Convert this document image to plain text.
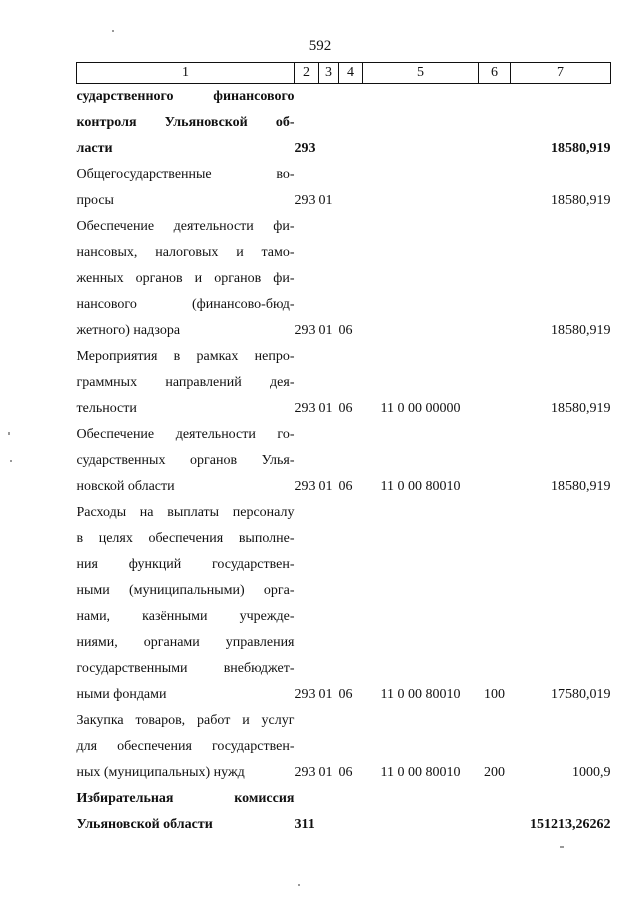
592
1	2	3	4	5	6	7
сударственного финансового						
контроля Ульяновской об-						
ласти	293					18580,919
Общегосударственные во-						
просы	293	01				18580,919
Обеспечение деятельности фи-						
нансовых, налоговых и тамо-						
женных органов и органов фи-						
нансового (финансово-бюд-						
жетного) надзора	293	01	06			18580,919
Мероприятия в рамках непро-						
граммных направлений дея-						
тельности	293	01	06	11 0 00 00000		18580,919
Обеспечение деятельности го-						
сударственных органов Улья-						
новской области	293	01	06	11 0 00 80010		18580,919
Расходы на выплаты персоналу						
в целях обеспечения выполне-						
ния функций государствен-						
ными (муниципальными) орга-						
нами, казёнными учрежде-						
ниями, органами управления						
государственными внебюджет-						
ными фондами	293	01	06	11 0 00 80010	100	17580,019
Закупка товаров, работ и услуг						
для обеспечения государствен-						
ных (муниципальных) нужд	293	01	06	11 0 00 80010	200	1000,9
Избирательная комиссия						
Ульяновской области	311					151213,26262
